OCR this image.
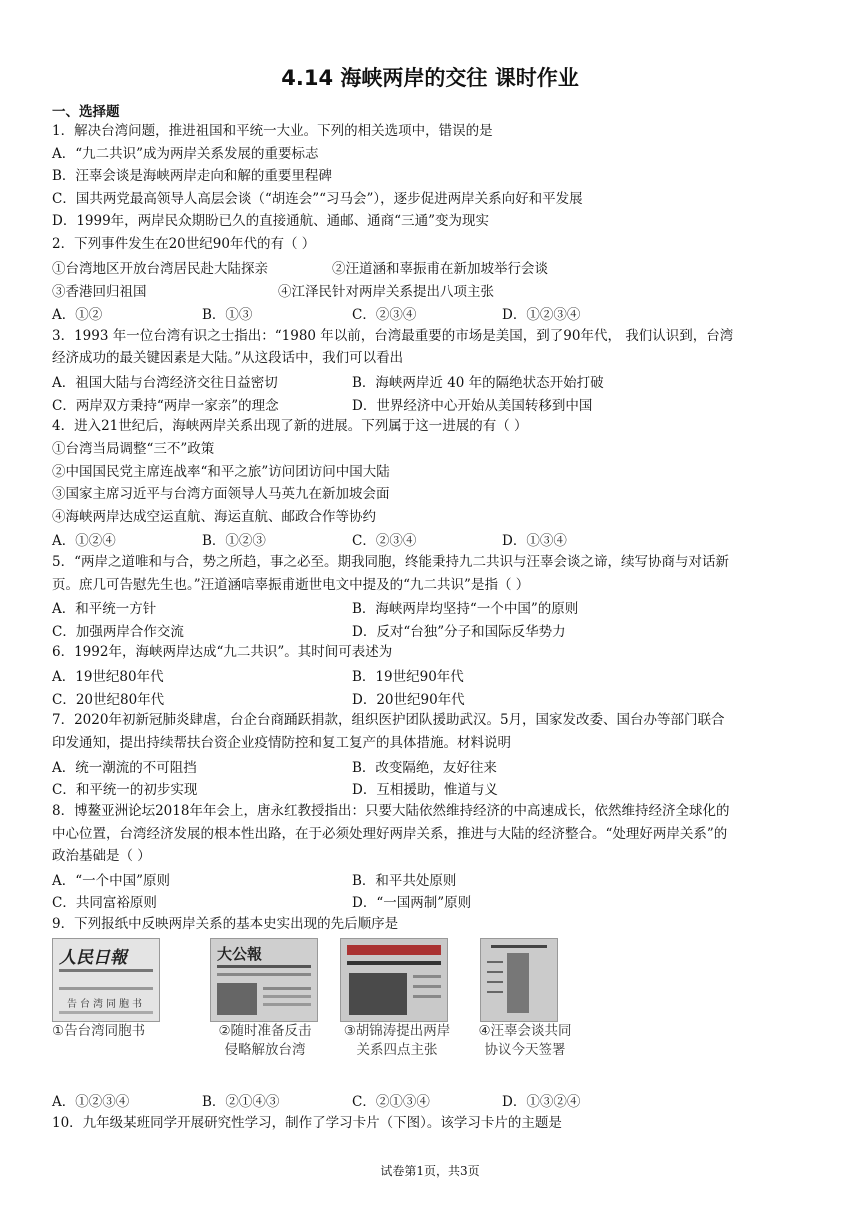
4.14 海峡两岸的交往 课时作业
一、选择题
1．解决台湾问题，推进祖国和平统一大业。下列的相关选项中，错误的是
A．“九二共识”成为两岸关系发展的重要标志
B．汪辜会谈是海峡两岸走向和解的重要里程碑
C．国共两党最高领导人高层会谈（“胡连会”“习马会”），逐步促进两岸关系向好和平发展
D．1999年，两岸民众期盼已久的直接通航、通邮、通商“三通”变为现实
2．下列事件发生在20世纪90年代的有（ ）
①台湾地区开放台湾居民赴大陆探亲	②汪道涵和辜振甫在新加坡举行会谈
③香港回归祖国	④江泽民针对两岸关系提出八项主张
A．①②	B．①③	C．②③④	D．①②③④
3．1993 年一位台湾有识之士指出：“1980 年以前，台湾最重要的市场是美国，到了90年代， 我们认识到，台湾
经济成功的最关键因素是大陆。”从这段话中，我们可以看出
A．祖国大陆与台湾经济交往日益密切	B．海峡两岸近 40 年的隔绝状态开始打破
C．两岸双方秉持“两岸一家亲”的理念	D．世界经济中心开始从美国转移到中国
4．进入21世纪后，海峡两岸关系出现了新的进展。下列属于这一进展的有（ ）
①台湾当局调整“三不”政策
②中国国民党主席连战率“和平之旅”访问团访问中国大陆
③国家主席习近平与台湾方面领导人马英九在新加坡会面
④海峡两岸达成空运直航、海运直航、邮政合作等协约
A．①②④	B．①②③	C．②③④	D．①③④
5．“两岸之道唯和与合，势之所趋，事之必至。期我同胞，终能秉持九二共识与汪辜会谈之谛，续写协商与对话新
页。庶几可告慰先生也。”汪道涵唁辜振甫逝世电文中提及的“九二共识”是指（ ）
A．和平统一方针	B．海峡两岸均坚持“一个中国”的原则
C．加强两岸合作交流	D．反对“台独”分子和国际反华势力
6．1992年，海峡两岸达成“九二共识”。其时间可表述为
A．19世纪80年代	B．19世纪90年代
C．20世纪80年代	D．20世纪90年代
7．2020年初新冠肺炎肆虐，台企台商踊跃捐款，组织医护团队援助武汉。5月，国家发改委、国台办等部门联合
印发通知，提出持续帮扶台资企业疫情防控和复工复产的具体措施。材料说明
A．统一潮流的不可阻挡	B．改变隔绝，友好往来
C．和平统一的初步实现	D．互相援助，惟道与义
8．博鳌亚洲论坛2018年年会上，唐永红教授指出：只要大陆依然维持经济的中高速成长，依然维持经济全球化的
中心位置，台湾经济发展的根本性出路，在于必须处理好两岸关系，推进与大陆的经济整合。“处理好两岸关系”的
政治基础是（ ）
A．“一个中国”原则	B．和平共处原则
C．共同富裕原则	D．“一国两制”原则
9．下列报纸中反映两岸关系的基本史实出现的先后顺序是
人民日報
告台湾同胞书
大公報
①告台湾同胞书	②随时准备反击
侵略解放台湾
③胡锦涛提出两岸
关系四点主张
④汪辜会谈共同
协议今天签署
A．①②③④	B．②①④③	C．②①③④	D．①③②④
10．九年级某班同学开展研究性学习，制作了学习卡片（下图）。该学习卡片的主题是
试卷第1页，共3页
